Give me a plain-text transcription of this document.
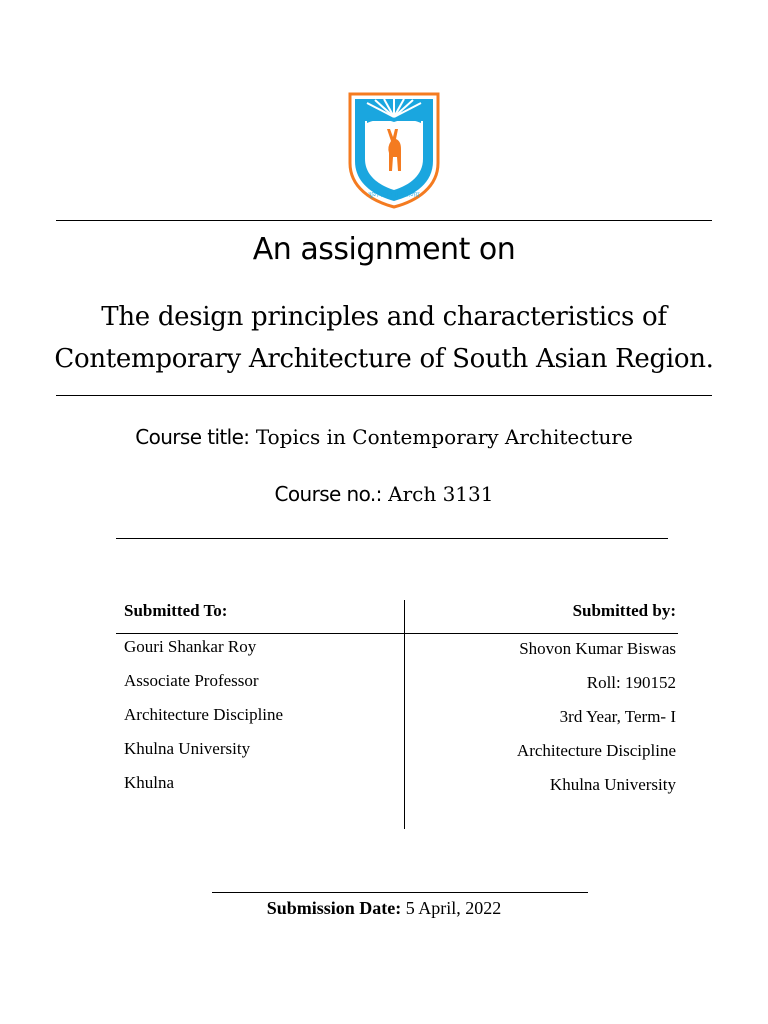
খুলনা বিশ্ববিদ্যালয়
An assignment on
The design principles and characteristics of
Contemporary Architecture of South Asian Region.
Course title: Topics in Contemporary Architecture
Course no.: Arch 3131
Submitted To:	Submitted by:
Gouri Shankar Roy
Associate Professor
Architecture Discipline
Khulna University
Khulna
Shovon Kumar Biswas
Roll: 190152
3rd Year, Term- I
Architecture Discipline
Khulna University
Submission Date: 5 April, 2022
